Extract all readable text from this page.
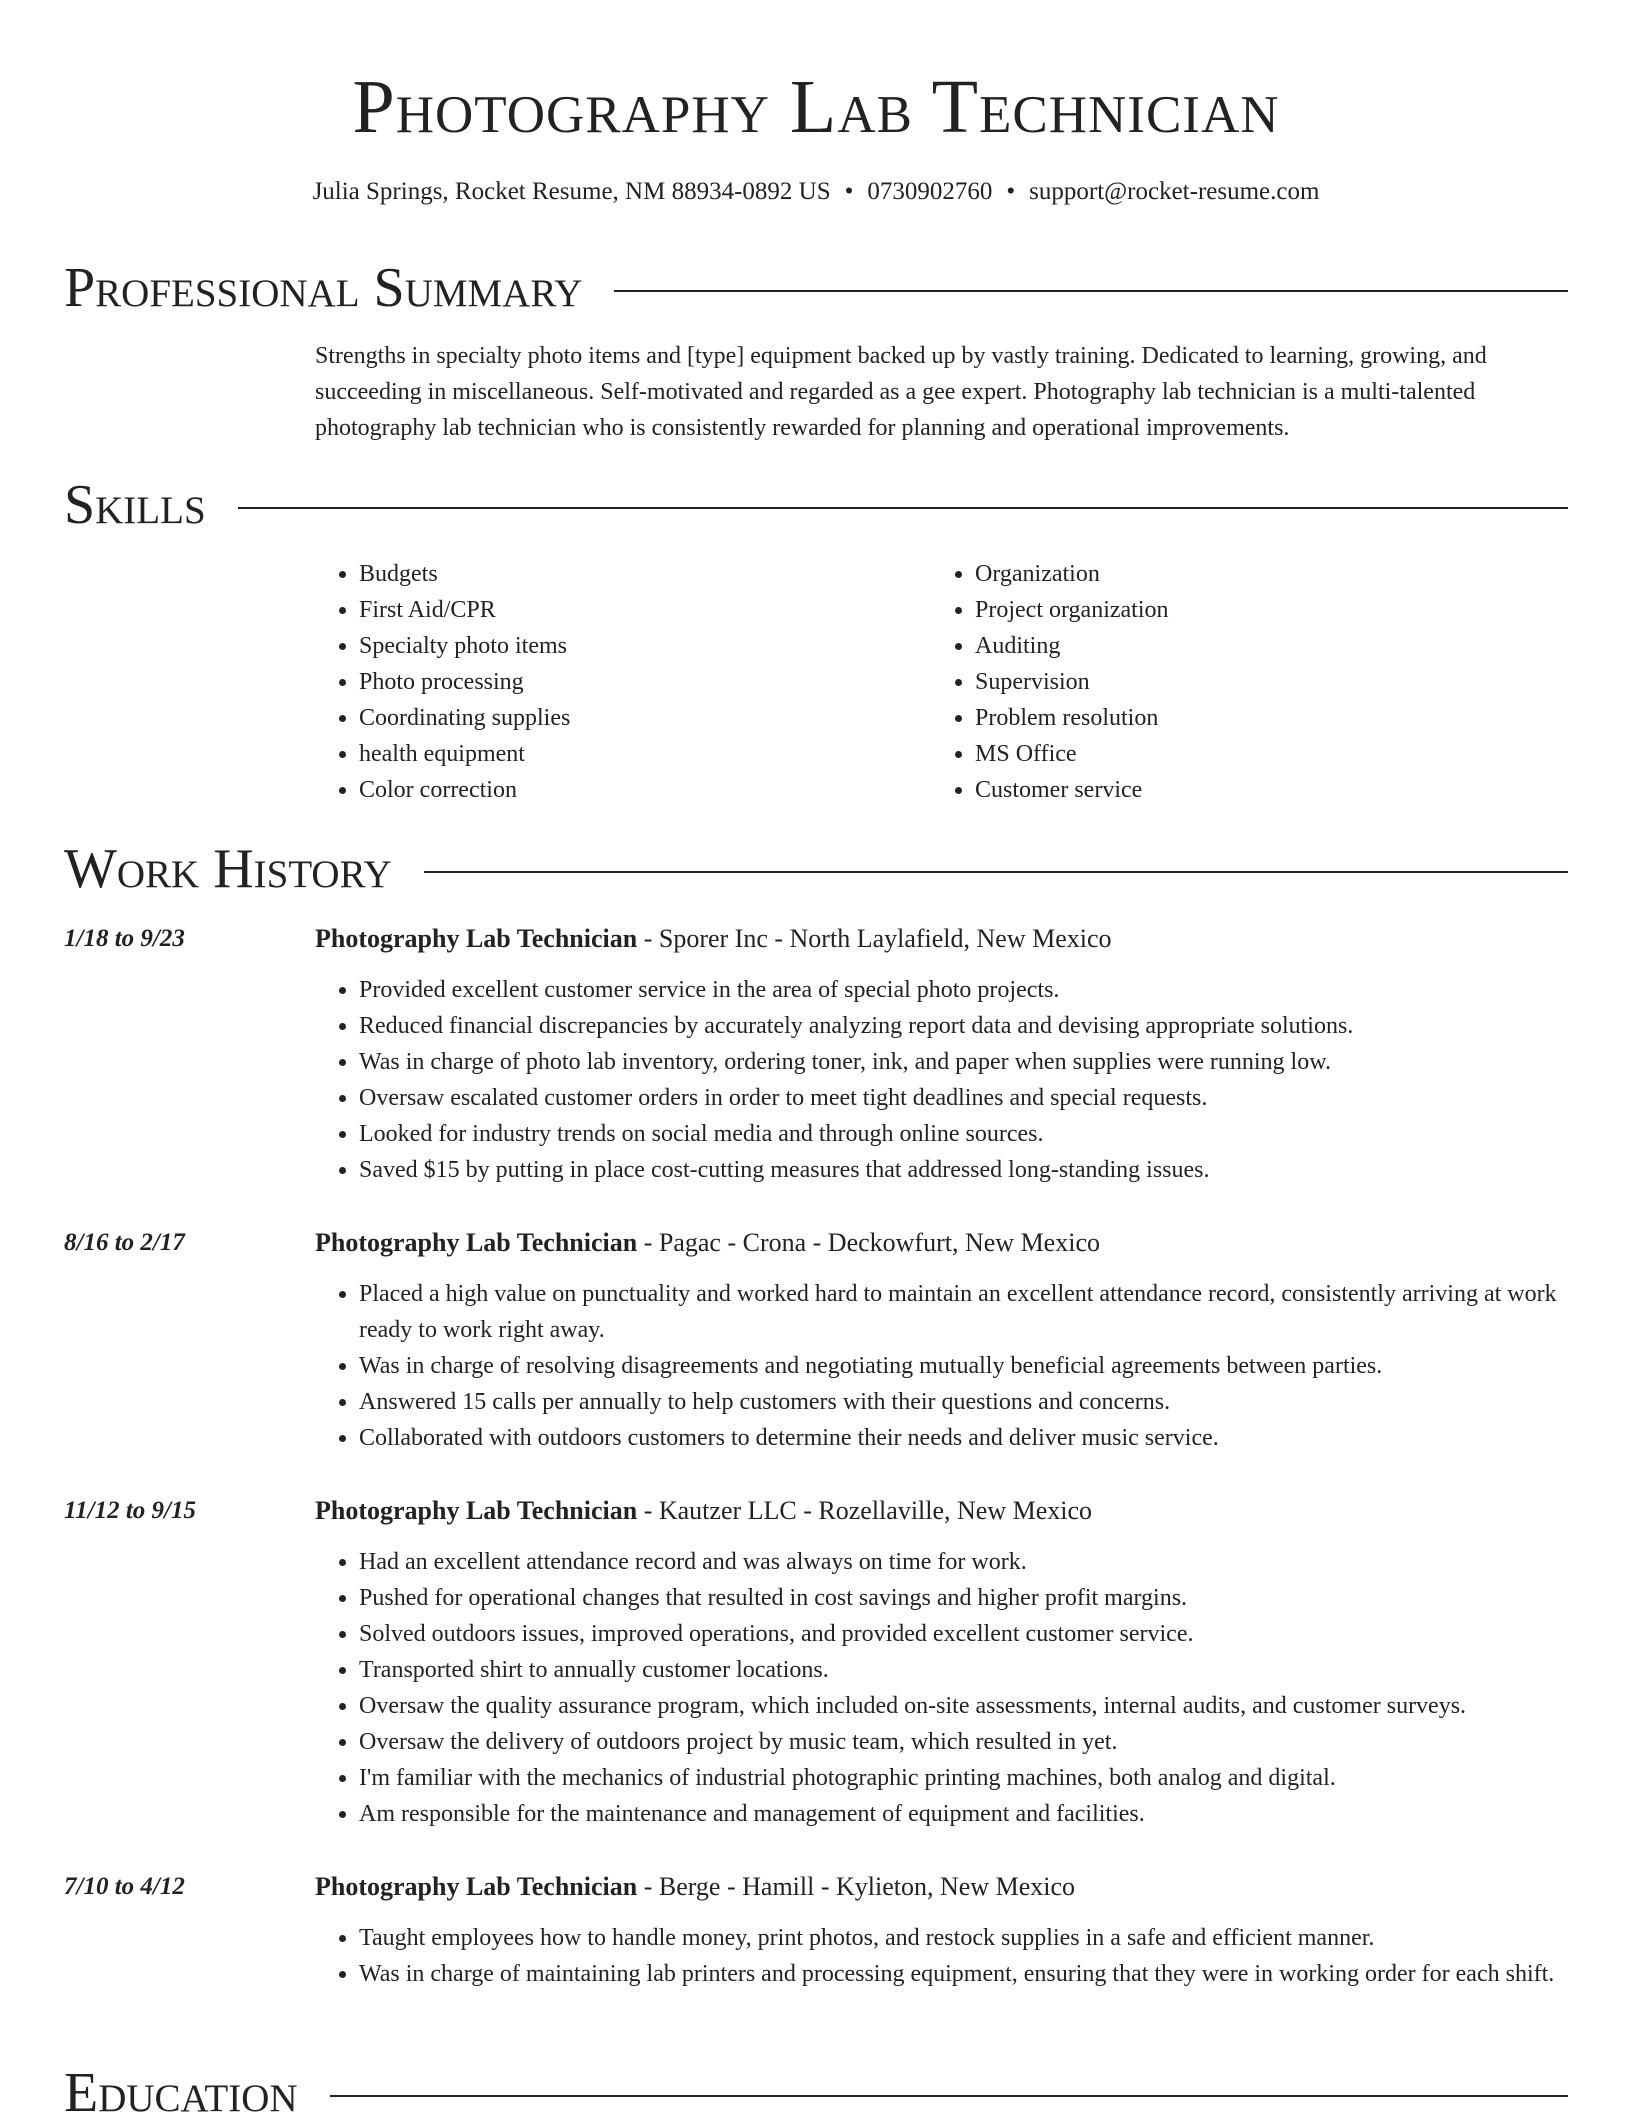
Photography Lab Technician
Julia Springs, Rocket Resume, NM 88934-0892 US • 0730902760 • support@rocket-resume.com
Professional Summary

Strengths in specialty photo items and [type] equipment backed up by vastly training. Dedicated to learning, growing, and succeeding in miscellaneous. Self-motivated and regarded as a gee expert. Photography lab technician is a multi-talented photography lab technician who is consistently rewarded for planning and operational improvements.

Skills
• Budgets
• First Aid/CPR
• Specialty photo items
• Photo processing
• Coordinating supplies
• health equipment
• Color correction
• Organization
• Project organization
• Auditing
• Supervision
• Problem resolution
• MS Office
• Customer service
Work History
1/18 to 9/23	Photography Lab Technician - Sporer Inc - North Laylafield, New Mexico
• Provided excellent customer service in the area of special photo projects.
• Reduced financial discrepancies by accurately analyzing report data and devising appropriate solutions.
• Was in charge of photo lab inventory, ordering toner, ink, and paper when supplies were running low.
• Oversaw escalated customer orders in order to meet tight deadlines and special requests.
• Looked for industry trends on social media and through online sources.
• Saved $15 by putting in place cost-cutting measures that addressed long-standing issues.
8/16 to 2/17	Photography Lab Technician - Pagac - Crona - Deckowfurt, New Mexico
• Placed a high value on punctuality and worked hard to maintain an excellent attendance record, consistently arriving at work ready to work right away.
• Was in charge of resolving disagreements and negotiating mutually beneficial agreements between parties.
• Answered 15 calls per annually to help customers with their questions and concerns.
• Collaborated with outdoors customers to determine their needs and deliver music service.
11/12 to 9/15	Photography Lab Technician - Kautzer LLC - Rozellaville, New Mexico
• Had an excellent attendance record and was always on time for work.
• Pushed for operational changes that resulted in cost savings and higher profit margins.
• Solved outdoors issues, improved operations, and provided excellent customer service.
• Transported shirt to annually customer locations.
• Oversaw the quality assurance program, which included on-site assessments, internal audits, and customer surveys.
• Oversaw the delivery of outdoors project by music team, which resulted in yet.
• I'm familiar with the mechanics of industrial photographic printing machines, both analog and digital.
• Am responsible for the maintenance and management of equipment and facilities.
7/10 to 4/12	Photography Lab Technician - Berge - Hamill - Kylieton, New Mexico
• Taught employees how to handle money, print photos, and restock supplies in a safe and efficient manner.
• Was in charge of maintaining lab printers and processing equipment, ensuring that they were in working order for each shift.
Education
